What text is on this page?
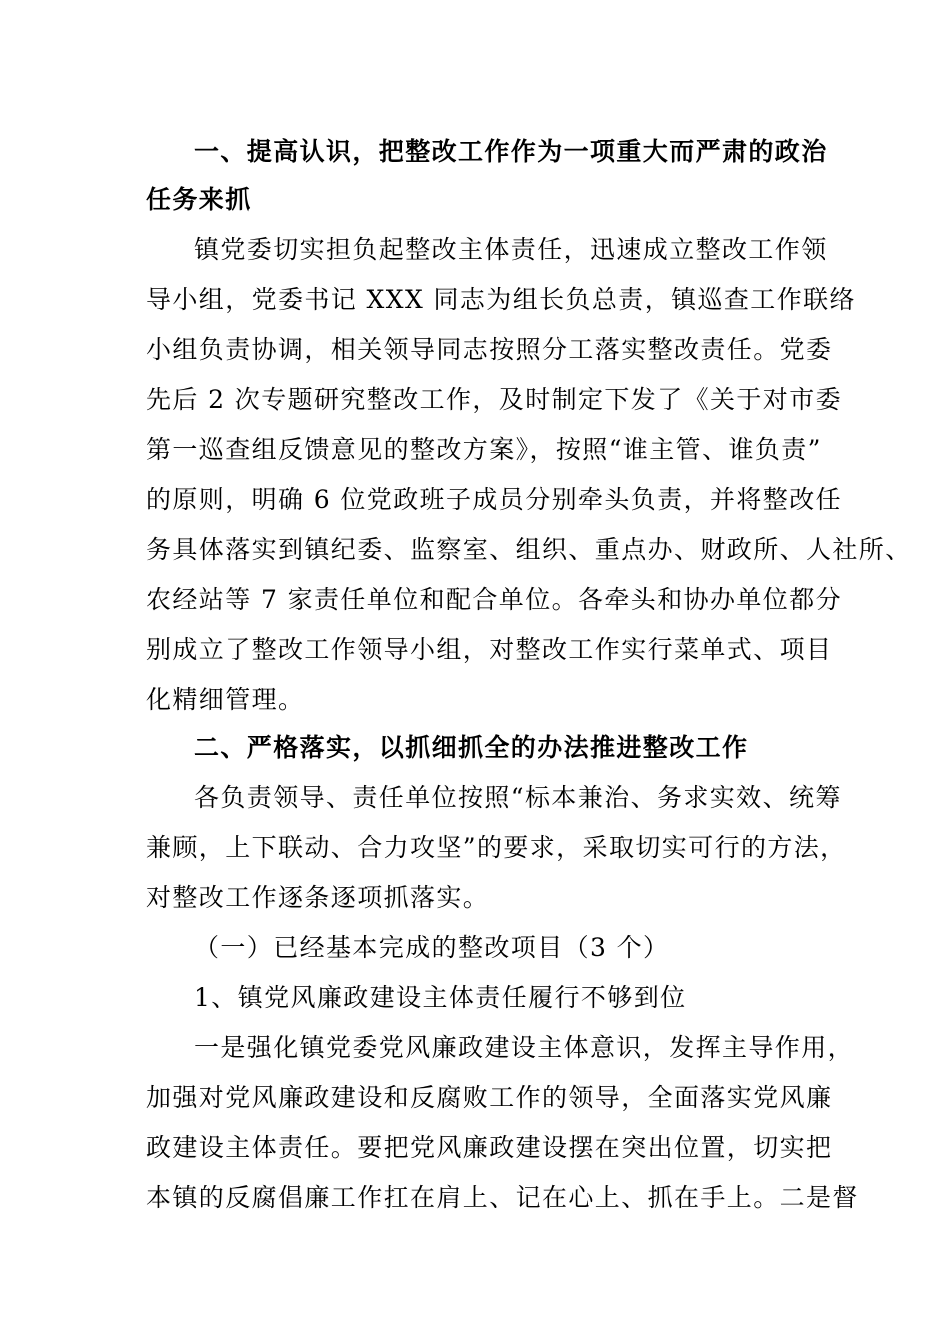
一、提高认识，把整改工作作为一项重大而严肃的政治
任务来抓
镇党委切实担负起整改主体责任，迅速成立整改工作领
导小组，党委书记 XXX 同志为组长负总责，镇巡查工作联络
小组负责协调，相关领导同志按照分工落实整改责任。党委
先后 2 次专题研究整改工作，及时制定下发了《关于对市委
第一巡查组反馈意见的整改方案》，按照“谁主管、谁负责”
的原则，明确 6 位党政班子成员分别牵头负责，并将整改任
务具体落实到镇纪委、监察室、组织、重点办、财政所、人社所、
农经站等 7 家责任单位和配合单位。各牵头和协办单位都分
别成立了整改工作领导小组，对整改工作实行菜单式、项目
化精细管理。
二、严格落实，以抓细抓全的办法推进整改工作
各负责领导、责任单位按照“标本兼治、务求实效、统筹
兼顾，上下联动、合力攻坚”的要求，采取切实可行的方法，
对整改工作逐条逐项抓落实。
（一）已经基本完成的整改项目（3 个）
1、镇党风廉政建设主体责任履行不够到位
一是强化镇党委党风廉政建设主体意识，发挥主导作用，
加强对党风廉政建设和反腐败工作的领导，全面落实党风廉
政建设主体责任。要把党风廉政建设摆在突出位置，切实把
本镇的反腐倡廉工作扛在肩上、记在心上、抓在手上。二是督
